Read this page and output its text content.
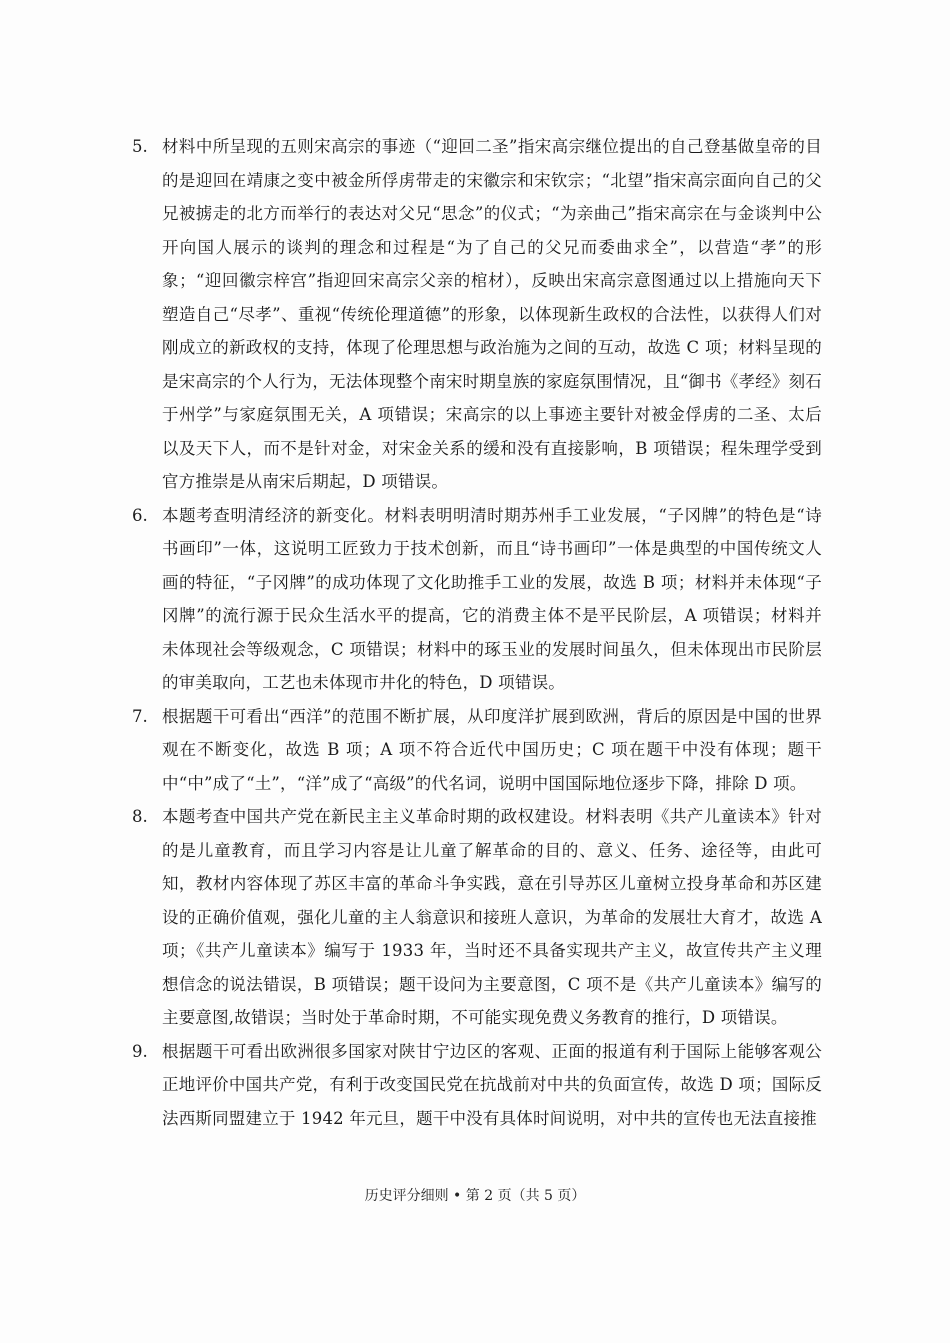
5. 材料中所呈现的五则宋高宗的事迹（“迎回二圣”指宋高宗继位提出的自己登基做皇帝的目的是迎回在靖康之变中被金所俘虏带走的宋徽宗和宋钦宗；“北望”指宋高宗面向自己的父兄被掳走的北方而举行的表达对父兄“思念”的仪式；“为亲曲己”指宋高宗在与金谈判中公开向国人展示的谈判的理念和过程是“为了自己的父兄而委曲求全”，以营造“孝”的形象；“迎回徽宗梓宫”指迎回宋高宗父亲的棺材），反映出宋高宗意图通过以上措施向天下塑造自己“尽孝”、重视“传统伦理道德”的形象，以体现新生政权的合法性，以获得人们对刚成立的新政权的支持，体现了伦理思想与政治施为之间的互动，故选 C 项；材料呈现的是宋高宗的个人行为，无法体现整个南宋时期皇族的家庭氛围情况，且“御书《孝经》刻石于州学”与家庭氛围无关，A 项错误；宋高宗的以上事迹主要针对被金俘虏的二圣、太后以及天下人，而不是针对金，对宋金关系的缓和没有直接影响，B 项错误；程朱理学受到官方推崇是从南宋后期起，D 项错误。
6. 本题考查明清经济的新变化。材料表明明清时期苏州手工业发展，“子冈牌”的特色是“诗书画印”一体，这说明工匠致力于技术创新，而且“诗书画印”一体是典型的中国传统文人画的特征，“子冈牌”的成功体现了文化助推手工业的发展，故选 B 项；材料并未体现“子冈牌”的流行源于民众生活水平的提高，它的消费主体不是平民阶层，A 项错误；材料并未体现社会等级观念，C 项错误；材料中的琢玉业的发展时间虽久，但未体现出市民阶层的审美取向，工艺也未体现市井化的特色，D 项错误。
7. 根据题干可看出“西洋”的范围不断扩展，从印度洋扩展到欧洲，背后的原因是中国的世界观在不断变化，故选 B 项；A 项不符合近代中国历史；C 项在题干中没有体现；题干中“中”成了“土”，“洋”成了“高级”的代名词，说明中国国际地位逐步下降，排除 D 项。
8. 本题考查中国共产党在新民主主义革命时期的政权建设。材料表明《共产儿童读本》针对的是儿童教育，而且学习内容是让儿童了解革命的目的、意义、任务、途径等，由此可知，教材内容体现了苏区丰富的革命斗争实践，意在引导苏区儿童树立投身革命和苏区建设的正确价值观，强化儿童的主人翁意识和接班人意识，为革命的发展壮大育才，故选 A 项；《共产儿童读本》编写于 1933 年，当时还不具备实现共产主义，故宣传共产主义理想信念的说法错误，B 项错误；题干设问为主要意图，C 项不是《共产儿童读本》编写的主要意图,故错误；当时处于革命时期，不可能实现免费义务教育的推行，D 项错误。
9. 根据题干可看出欧洲很多国家对陕甘宁边区的客观、正面的报道有利于国际上能够客观公正地评价中国共产党，有利于改变国民党在抗战前对中共的负面宣传，故选 D 项；国际反法西斯同盟建立于 1942 年元旦，题干中没有具体时间说明，对中共的宣传也无法直接推
历史评分细则 • 第 2 页（共 5 页）
